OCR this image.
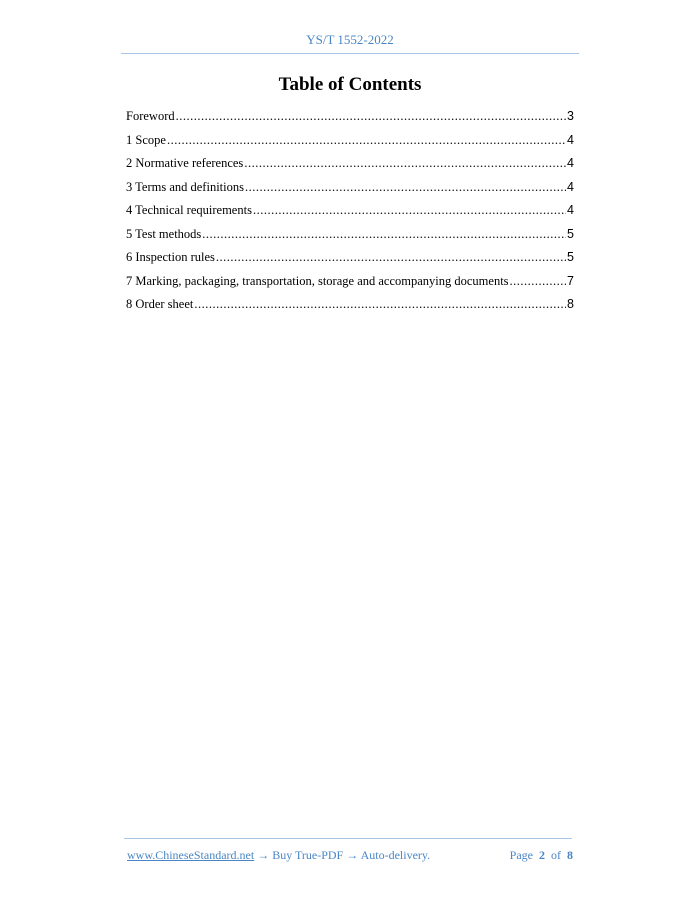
YS/T 1552-2022
Table of Contents
Foreword .....	3
1 Scope .....	4
2 Normative references .....	4
3 Terms and definitions .....	4
4 Technical requirements .....	4
5 Test methods .....	5
6 Inspection rules .....	5
7 Marking, packaging, transportation, storage and accompanying documents .....	7
8 Order sheet .....	8
www.ChineseStandard.net → Buy True-PDF → Auto-delivery.	Page 2 of 8
